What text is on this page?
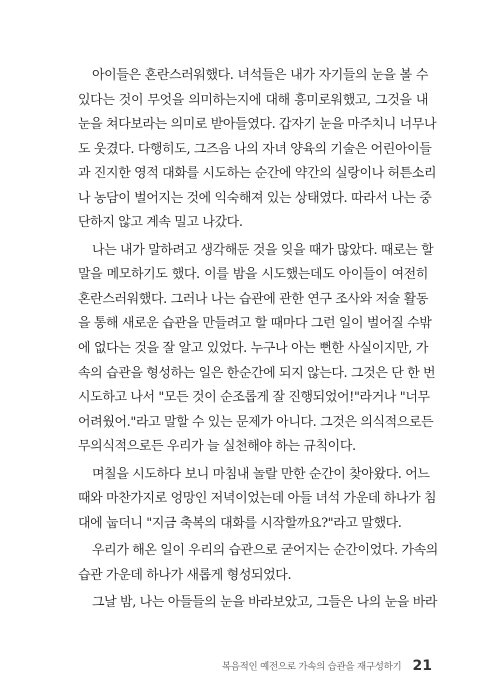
아이들은 혼란스러워했다. 녀석들은 내가 자기들의 눈을 볼 수
있다는 것이 무엇을 의미하는지에 대해 흥미로워했고, 그것을 내
눈을 쳐다보라는 의미로 받아들였다. 갑자기 눈을 마주치니 너무나
도 웃겼다. 다행히도, 그즈음 나의 자녀 양육의 기술은 어린아이들
과 진지한 영적 대화를 시도하는 순간에 약간의 실랑이나 허튼소리
나 농담이 벌어지는 것에 익숙해져 있는 상태였다. 따라서 나는 중
단하지 않고 계속 밀고 나갔다.
나는 내가 말하려고 생각해둔 것을 잊을 때가 많았다. 때로는 할
말을 메모하기도 했다. 이를 밤을 시도했는데도 아이들이 여전히
혼란스러워했다. 그러나 나는 습관에 관한 연구 조사와 저술 활동
을 통해 새로운 습관을 만들려고 할 때마다 그런 일이 벌어질 수밖
에 없다는 것을 잘 알고 있었다. 누구나 아는 뻔한 사실이지만, 가
속의 습관을 형성하는 일은 한순간에 되지 않는다. 그것은 단 한 번
시도하고 나서 "모든 것이 순조롭게 잘 진행되었어!"라거나 "너무
어려웠어."라고 말할 수 있는 문제가 아니다. 그것은 의식적으로든
무의식적으로든 우리가 늘 실천해야 하는 규칙이다.
며칠을 시도하다 보니 마침내 놀랄 만한 순간이 찾아왔다. 어느
때와 마찬가지로 엉망인 저녁이었는데 아들 녀석 가운데 하나가 침
대에 눕더니 "지금 축복의 대화를 시작할까요?"라고 말했다.
우리가 해온 일이 우리의 습관으로 굳어지는 순간이었다. 가속의
습관 가운데 하나가 새롭게 형성되었다.
그날 밤, 나는 아들들의 눈을 바라보았고, 그들은 나의 눈을 바라
복음적인 예전으로 가속의 습관을 재구성하기 21
